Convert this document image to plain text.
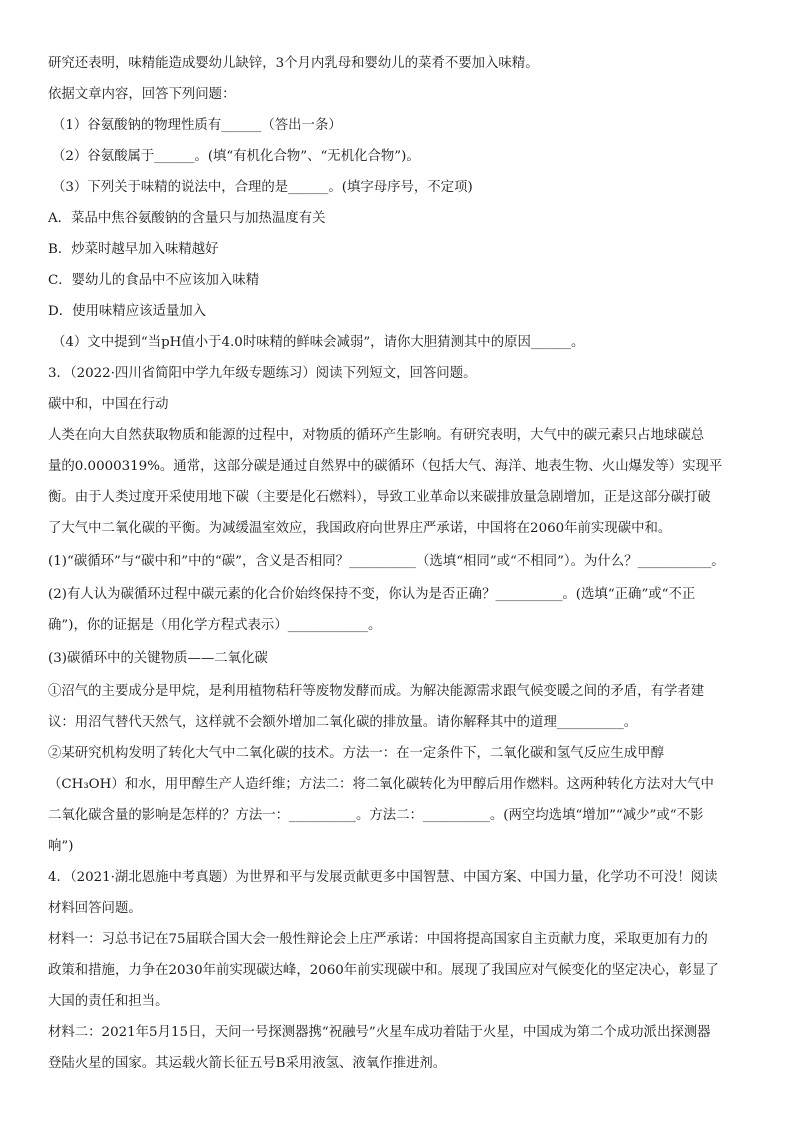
研究还表明，味精能造成婴幼儿缺锌，3个月内乳母和婴幼儿的菜肴不要加入味精。
依据文章内容，回答下列问题：
（1）谷氨酸钠的物理性质有______（答出一条）
（2）谷氨酸属于______。(填“有机化合物”、“无机化合物”)。
（3）下列关于味精的说法中，合理的是______。(填字母序号，不定项)
A．菜品中焦谷氨酸钠的含量只与加热温度有关
B．炒菜时越早加入味精越好
C．婴幼儿的食品中不应该加入味精
D．使用味精应该适量加入
（4）文中提到“当pH值小于4.0时味精的鲜味会减弱”，请你大胆猜测其中的原因______。
3．（2022·四川省简阳中学九年级专题练习）阅读下列短文，回答问题。
碳中和，中国在行动
人类在向大自然获取物质和能源的过程中，对物质的循环产生影响。有研究表明，大气中的碳元素只占地球碳总
量的0.0000319%。通常，这部分碳是通过自然界中的碳循环（包括大气、海洋、地表生物、火山爆发等）实现平
衡。由于人类过度开采使用地下碳（主要是化石燃料），导致工业革命以来碳排放量急剧增加，正是这部分碳打破
了大气中二氧化碳的平衡。为减缓温室效应，我国政府向世界庄严承诺，中国将在2060年前实现碳中和。
(1)“碳循环”与“碳中和”中的“碳”，含义是否相同？__________（选填“相同”或“不相同”）。为什么？___________。
(2)有人认为碳循环过程中碳元素的化合价始终保持不变，你认为是否正确？__________。(选填“正确”或“不正
确”)，你的证据是（用化学方程式表示）____________。
(3)碳循环中的关键物质——二氧化碳
①沼气的主要成分是甲烷，是利用植物秸秆等废物发酵而成。为解决能源需求跟气候变暖之间的矛盾，有学者建
议：用沼气替代天然气，这样就不会额外增加二氧化碳的排放量。请你解释其中的道理__________。
②某研究机构发明了转化大气中二氧化碳的技术。方法一：在一定条件下，二氧化碳和氢气反应生成甲醇
（CH₃OH）和水，用甲醇生产人造纤维；方法二：将二氧化碳转化为甲醇后用作燃料。这两种转化方法对大气中
二氧化碳含量的影响是怎样的？方法一：__________。方法二：__________。(两空均选填“增加”“减少”或“不影
响”)
4．（2021·湖北恩施中考真题）为世界和平与发展贡献更多中国智慧、中国方案、中国力量，化学功不可没！阅读
材料回答问题。
材料一：习总书记在75届联合国大会一般性辩论会上庄严承诺：中国将提高国家自主贡献力度，采取更加有力的
政策和措施，力争在2030年前实现碳达峰，2060年前实现碳中和。展现了我国应对气候变化的坚定决心，彰显了
大国的责任和担当。
材料二：2021年5月15日，天问一号探测器携“祝融号”火星车成功着陆于火星，中国成为第二个成功派出探测器
登陆火星的国家。其运载火箭长征五号B采用液氢、液氧作推进剂。
